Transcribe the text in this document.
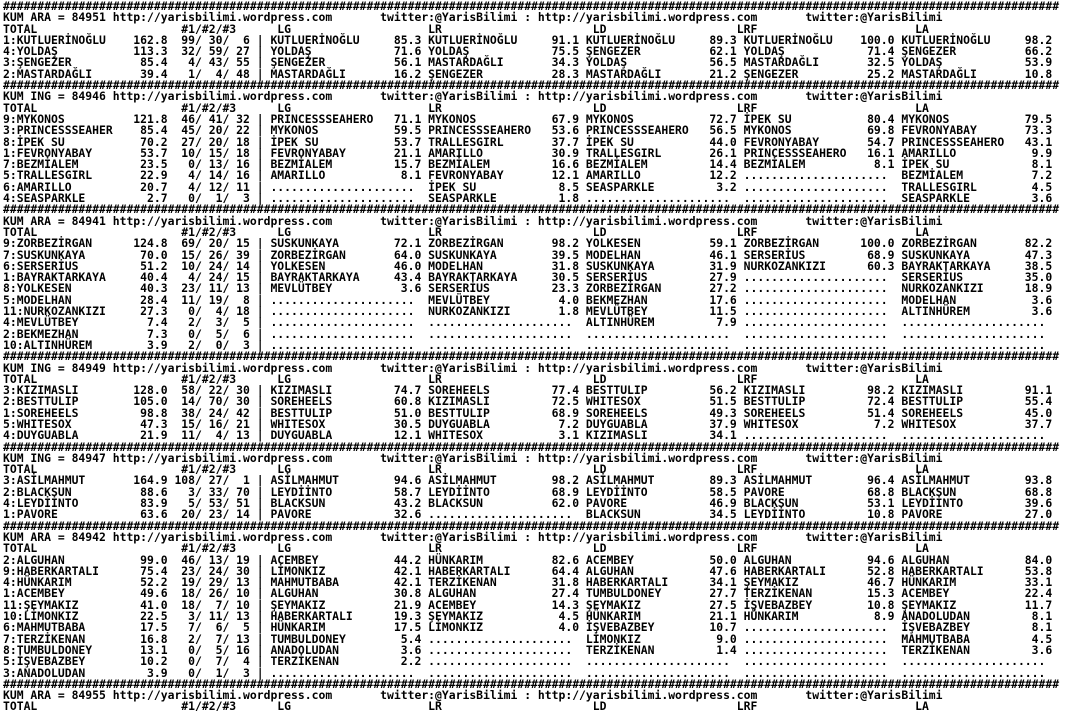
##########################################################################################################################################################
KUM ARA = 84951 http://yarisbilimi.wordpress.com       twitter:@YarisBilimi : http://yarisbilimi.wordpress.com       twitter:@YarisBilimi
TOTAL                     #1/#2/#3      LG                    LR                      LD                   LRF                       LA
1:KUTLUERİNOĞLU    162.8  99/ 30/  6 | KUTLUERİNOĞLU     85.3 KUTLUERİNOĞLU     91.1 KUTLUERİNOĞLU     89.3 KUTLUERİNOĞLU    100.0 KUTLUERİNOĞLU     98.2
4:YOLDAŞ           113.3  32/ 59/ 27 | YOLDAŞ            71.6 YOLDAŞ            75.5 ŞENGEZER          62.1 YOLDAŞ            71.4 ŞENGEZER          66.2
3:ŞENGEZER          85.4   4/ 43/ 55 | ŞENGEZER          56.1 MASTARDAĞLI       34.3 YOLDAŞ            56.5 MASTARDAĞLI       32.5 YOLDAŞ            53.9
2:MASTARDAĞLI       39.4   1/  4/ 48 | MASTARDAĞLI       16.2 ŞENGEZER          28.3 MASTARDAĞLI       21.2 ŞENGEZER          25.2 MASTARDAĞLI       10.8
##########################################################################################################################################################
KUM ING = 84946 http://yarisbilimi.wordpress.com       twitter:@YarisBilimi : http://yarisbilimi.wordpress.com       twitter:@YarisBilimi
TOTAL                     #1/#2/#3      LG                    LR                      LD                   LRF                       LA
9:MYKONOS          121.8  46/ 41/ 32 | PRINCESSSEAHERO   71.1 MYKONOS           67.9 MYKONOS           72.7 İPEK SU           80.4 MYKONOS           79.5
3:PRINCESSSEAHER    85.4  45/ 20/ 22 | MYKONOS           59.5 PRINCESSSEAHERO   53.6 PRINCESSSEAHERO   56.5 MYKONOS           69.8 FEVRONYABAY       73.3
8:İPEK SU           70.2  27/ 20/ 18 | İPEK SU           53.7 TRALLESGIRL       37.7 İPEK SU           44.0 FEVRONYABAY       54.7 PRINCESSSEAHERO   43.1
1:FEVRONYABAY       53.7  10/ 15/ 18 | FEVRONYABAY       21.1 AMARILLO          30.9 TRALLESGIRL       26.1 PRINCESSSEAHERO   16.1 AMARILLO           9.9
7:BEZMİALEM         23.5   0/ 13/ 16 | BEZMİALEM         15.7 BEZMİALEM         16.6 BEZMİALEM         14.4 BEZMİALEM          8.1 İPEK SU            8.1
5:TRALLESGIRL       22.9   4/ 14/ 16 | AMARILLO           8.1 FEVRONYABAY       12.1 AMARILLO          12.2 .....................  BEZMİALEM          7.2
6:AMARILLO          20.7   4/ 12/ 11 | .....................  İPEK SU            8.5 SEASPARKLE         3.2 .....................  TRALLESGIRL        4.5
4:SEASPARKLE         2.7   0/  1/  3 | .....................  SEASPARKLE         1.8 .....................  .....................  SEASPARKLE         3.6
##########################################################################################################################################################
KUM ARA = 84941 http://yarisbilimi.wordpress.com       twitter:@YarisBilimi : http://yarisbilimi.wordpress.com       twitter:@YarisBilimi
TOTAL                     #1/#2/#3      LG                    LR                      LD                   LRF                       LA
9:ZORBEZİRGAN      124.8  69/ 20/ 15 | SUSKUNKAYA        72.1 ZORBEZİRGAN       98.2 YOLKESEN          59.1 ZORBEZİRGAN      100.0 ZORBEZİRGAN       82.2
7:SUSKUNKAYA        70.0  15/ 26/ 39 | ZORBEZİRGAN       64.0 SUSKUNKAYA        39.5 MODELHAN          46.1 SERSERİUS         68.9 SUSKUNKAYA        47.3
6:SERSERİUS         51.2  10/ 24/ 14 | YOLKESEN          46.0 MODELHAN          31.8 SUSKUNKAYA        31.9 NURKOZANKIZI      60.3 BAYRAKTARKAYA     38.5
1:BAYRAKTARKAYA     40.4   4/ 24/ 15 | BAYRAKTARKAYA     43.4 BAYRAKTARKAYA     30.5 SERSERİUS         27.9 .....................  SERSERİUS         35.0
8:YOLKESEN          40.3  23/ 11/ 13 | MEVLÜTBEY          3.6 SERSERİUS         23.3 ZORBEZİRGAN       27.2 .....................  NURKOZANKIZI      18.9
5:MODELHAN          28.4  11/ 19/  8 | .....................  MEVLÜTBEY          4.0 BEKMEZHAN         17.6 .....................  MODELHAN           3.6
11:NURKOZANKIZI     27.3   0/  4/ 18 | .....................  NURKOZANKIZI       1.8 MEVLÜTBEY         11.5 .....................  ALTINHÜREM         3.6
4:MEVLÜTBEY          7.4   2/  3/  5 | .....................  .....................  ALTINHÜREM         7.9 .....................  .....................
2:BEKMEZHAN          7.3   0/  5/  6 | .....................  .....................  .....................  .....................  .....................
10:ALTINHÜREM        3.9   2/  0/  3 | .....................  .....................  .....................  .....................  .....................
##########################################################################################################################################################
KUM ING = 84949 http://yarisbilimi.wordpress.com       twitter:@YarisBilimi : http://yarisbilimi.wordpress.com       twitter:@YarisBilimi
TOTAL                     #1/#2/#3      LG                    LR                      LD                   LRF                       LA
3:KIZIMASLI        128.0  58/ 22/ 30 | KIZIMASLI         74.7 SOREHEELS         77.4 BESTTULIP         56.2 KIZIMASLI         98.2 KIZIMASLI         91.1
2:BESTTULIP        105.0  14/ 70/ 30 | SOREHEELS         60.8 KIZIMASLI         72.5 WHITESOX          51.5 BESTTULIP         72.4 BESTTULIP         55.4
1:SOREHEELS         98.8  38/ 24/ 42 | BESTTULIP         51.0 BESTTULIP         68.9 SOREHEELS         49.3 SOREHEELS         51.4 SOREHEELS         45.0
5:WHITESOX          47.3  15/ 16/ 21 | WHITESOX          30.5 DUYGUABLA          7.2 DUYGUABLA         37.9 WHITESOX           7.2 WHITESOX          37.7
4:DUYGUABLA         21.9  11/  4/ 13 | DUYGUABLA         12.1 WHITESOX           3.1 KIZIMASLI         34.1 .....................  .....................
##########################################################################################################################################################
KUM ING = 84947 http://yarisbilimi.wordpress.com       twitter:@YarisBilimi : http://yarisbilimi.wordpress.com       twitter:@YarisBilimi
TOTAL                     #1/#2/#3      LG                    LR                      LD                   LRF                       LA
3:ASİLMAHMUT       164.9 108/ 27/  1 | ASİLMAHMUT        94.6 ASİLMAHMUT        98.2 ASİLMAHMUT        89.3 ASİLMAHMUT        96.4 ASİLMAHMUT        93.8
2:BLACKSUN          88.6   3/ 33/ 70 | LEYDİİNTO         58.7 LEYDİİNTO         68.9 LEYDİİNTO         58.5 PAVORE            68.8 BLACKSUN          68.8
4:LEYDİİNTO         83.9   5/ 53/ 51 | BLACKSUN          43.2 BLACKSUN          62.0 PAVORE            46.9 BLACKSUN          53.1 LEYDİİNTO         39.6
1:PAVORE            63.6  20/ 23/ 14 | PAVORE            32.6 .....................  BLACKSUN          34.5 LEYDİİNTO         10.8 PAVORE            27.0
##########################################################################################################################################################
KUM ARA = 84942 http://yarisbilimi.wordpress.com       twitter:@YarisBilimi : http://yarisbilimi.wordpress.com       twitter:@YarisBilimi
TOTAL                     #1/#2/#3      LG                    LR                      LD                   LRF                       LA
2:ALGUHAN           99.0  46/ 13/ 19 | ACEMBEY           44.2 HÜNKARIM          82.6 ACEMBEY           50.0 ALGUHAN           94.6 ALGUHAN           84.0
9:HABERKARTALI      75.4  23/ 24/ 30 | LİMONKIZ          42.1 HABERKARTALI      64.4 ALGUHAN           47.6 HABERKARTALI      52.8 HABERKARTALI      53.8
4:HÜNKARIM          52.2  19/ 29/ 13 | MAHMUTBABA        42.1 TERZİKENAN        31.8 HABERKARTALI      34.1 ŞEYMAKIZ          46.7 HÜNKARIM          33.1
1:ACEMBEY           49.6  18/ 26/ 10 | ALGUHAN           30.8 ALGUHAN           27.4 TUMBULDONEY       27.7 TERZİKENAN        15.3 ACEMBEY           22.4
11:ŞEYMAKIZ         41.0  18/  7/ 10 | ŞEYMAKIZ          21.9 ACEMBEY           14.3 ŞEYMAKIZ          27.5 İŞVEBAZBEY        10.8 ŞEYMAKIZ          11.7
10:LİMONKIZ         22.5   3/ 11/ 13 | HABERKARTALI      19.3 ŞEYMAKIZ           4.5 HÜNKARIM          21.1 HÜNKARIM           8.9 ANADOLUDAN         8.1
6:MAHMUTBABA        17.5   7/  6/  5 | HÜNKARIM          17.5 LİMONKIZ           4.0 İŞVEBAZBEY        10.7 .....................  İŞVEBAZBEY         8.1
7:TERZİKENAN        16.8   2/  7/ 13 | TUMBULDONEY        5.4 .....................  LİMONKIZ           9.0 .....................  MAHMUTBABA         4.5
8:TUMBULDONEY       13.1   0/  5/ 16 | ANADOLUDAN         3.6 .....................  TERZİKENAN         1.4 .....................  TERZİKENAN         3.6
5:İŞVEBAZBEY        10.2   0/  7/  4 | TERZİKENAN         2.2 .....................  .....................  .....................  .....................
3:ANADOLUDAN         3.9   0/  1/  3 | .....................  .....................  .....................  .....................  .....................
##########################################################################################################################################################
KUM ARA = 84955 http://yarisbilimi.wordpress.com       twitter:@YarisBilimi : http://yarisbilimi.wordpress.com       twitter:@YarisBilimi
TOTAL                     #1/#2/#3      LG                    LR                      LD                   LRF                       LA
